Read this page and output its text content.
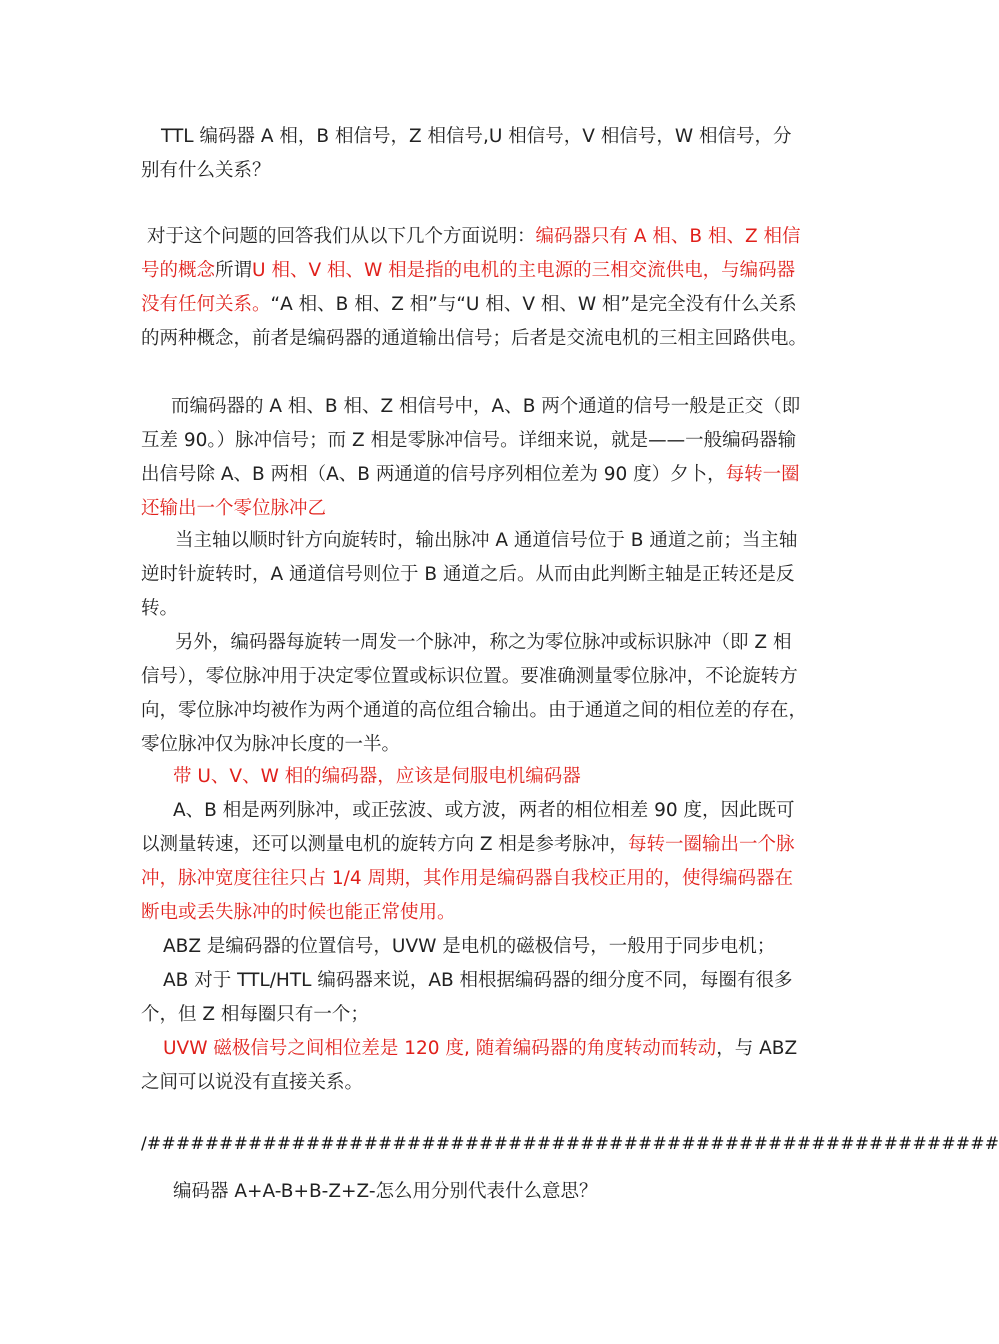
TTL 编码器 A 相，B 相信号，Z 相信号,U 相信号，V 相信号，W 相信号，分别有什么关系？

对于这个问题的回答我们从以下几个方面说明：编码器只有 A 相、B 相、Z 相信号的概念所谓U 相、V 相、W 相是指的电机的主电源的三相交流供电，与编码器没有任何关系。“A 相、B 相、Z 相”与“U 相、V 相、W 相”是完全没有什么关系的两种概念，前者是编码器的通道输出信号；后者是交流电机的三相主回路供电。

而编码器的 A 相、B 相、Z 相信号中，A、B 两个通道的信号一般是正交（即互差 90。）脉冲信号；而 Z 相是零脉冲信号。详细来说，就是——一般编码器输出信号除 A、B 两相（A、B 两通道的信号序列相位差为 90 度）夕卜，每转一圈还输出一个零位脉冲乙

当主轴以顺时针方向旋转时，输出脉冲 A 通道信号位于 B 通道之前；当主轴逆时针旋转时，A 通道信号则位于 B 通道之后。从而由此判断主轴是正转还是反转。

另外，编码器每旋转一周发一个脉冲，称之为零位脉冲或标识脉冲（即 Z 相信号），零位脉冲用于决定零位置或标识位置。要准确测量零位脉冲，不论旋转方向，零位脉冲均被作为两个通道的高位组合输出。由于通道之间的相位差的存在，零位脉冲仅为脉冲长度的一半。

带 U、V、W 相的编码器，应该是伺服电机编码器

A、B 相是两列脉冲，或正弦波、或方波，两者的相位相差 90 度，因此既可以测量转速，还可以测量电机的旋转方向 Z 相是参考脉冲，每转一圈输出一个脉冲，脉冲宽度往往只占 1/4 周期，其作用是编码器自我校正用的，使得编码器在断电或丢失脉冲的时候也能正常使用。

ABZ 是编码器的位置信号，UVW 是电机的磁极信号，一般用于同步电机；

AB 对于 TTL/HTL 编码器来说，AB 相根据编码器的细分度不同，每圈有很多个，但 Z 相每圈只有一个；

UVW 磁极信号之间相位差是 120 度, 随着编码器的角度转动而转动，与 ABZ 之间可以说没有直接关系。

/###########################################################

编码器 A+A-B+B-Z+Z-怎么用分别代表什么意思？
